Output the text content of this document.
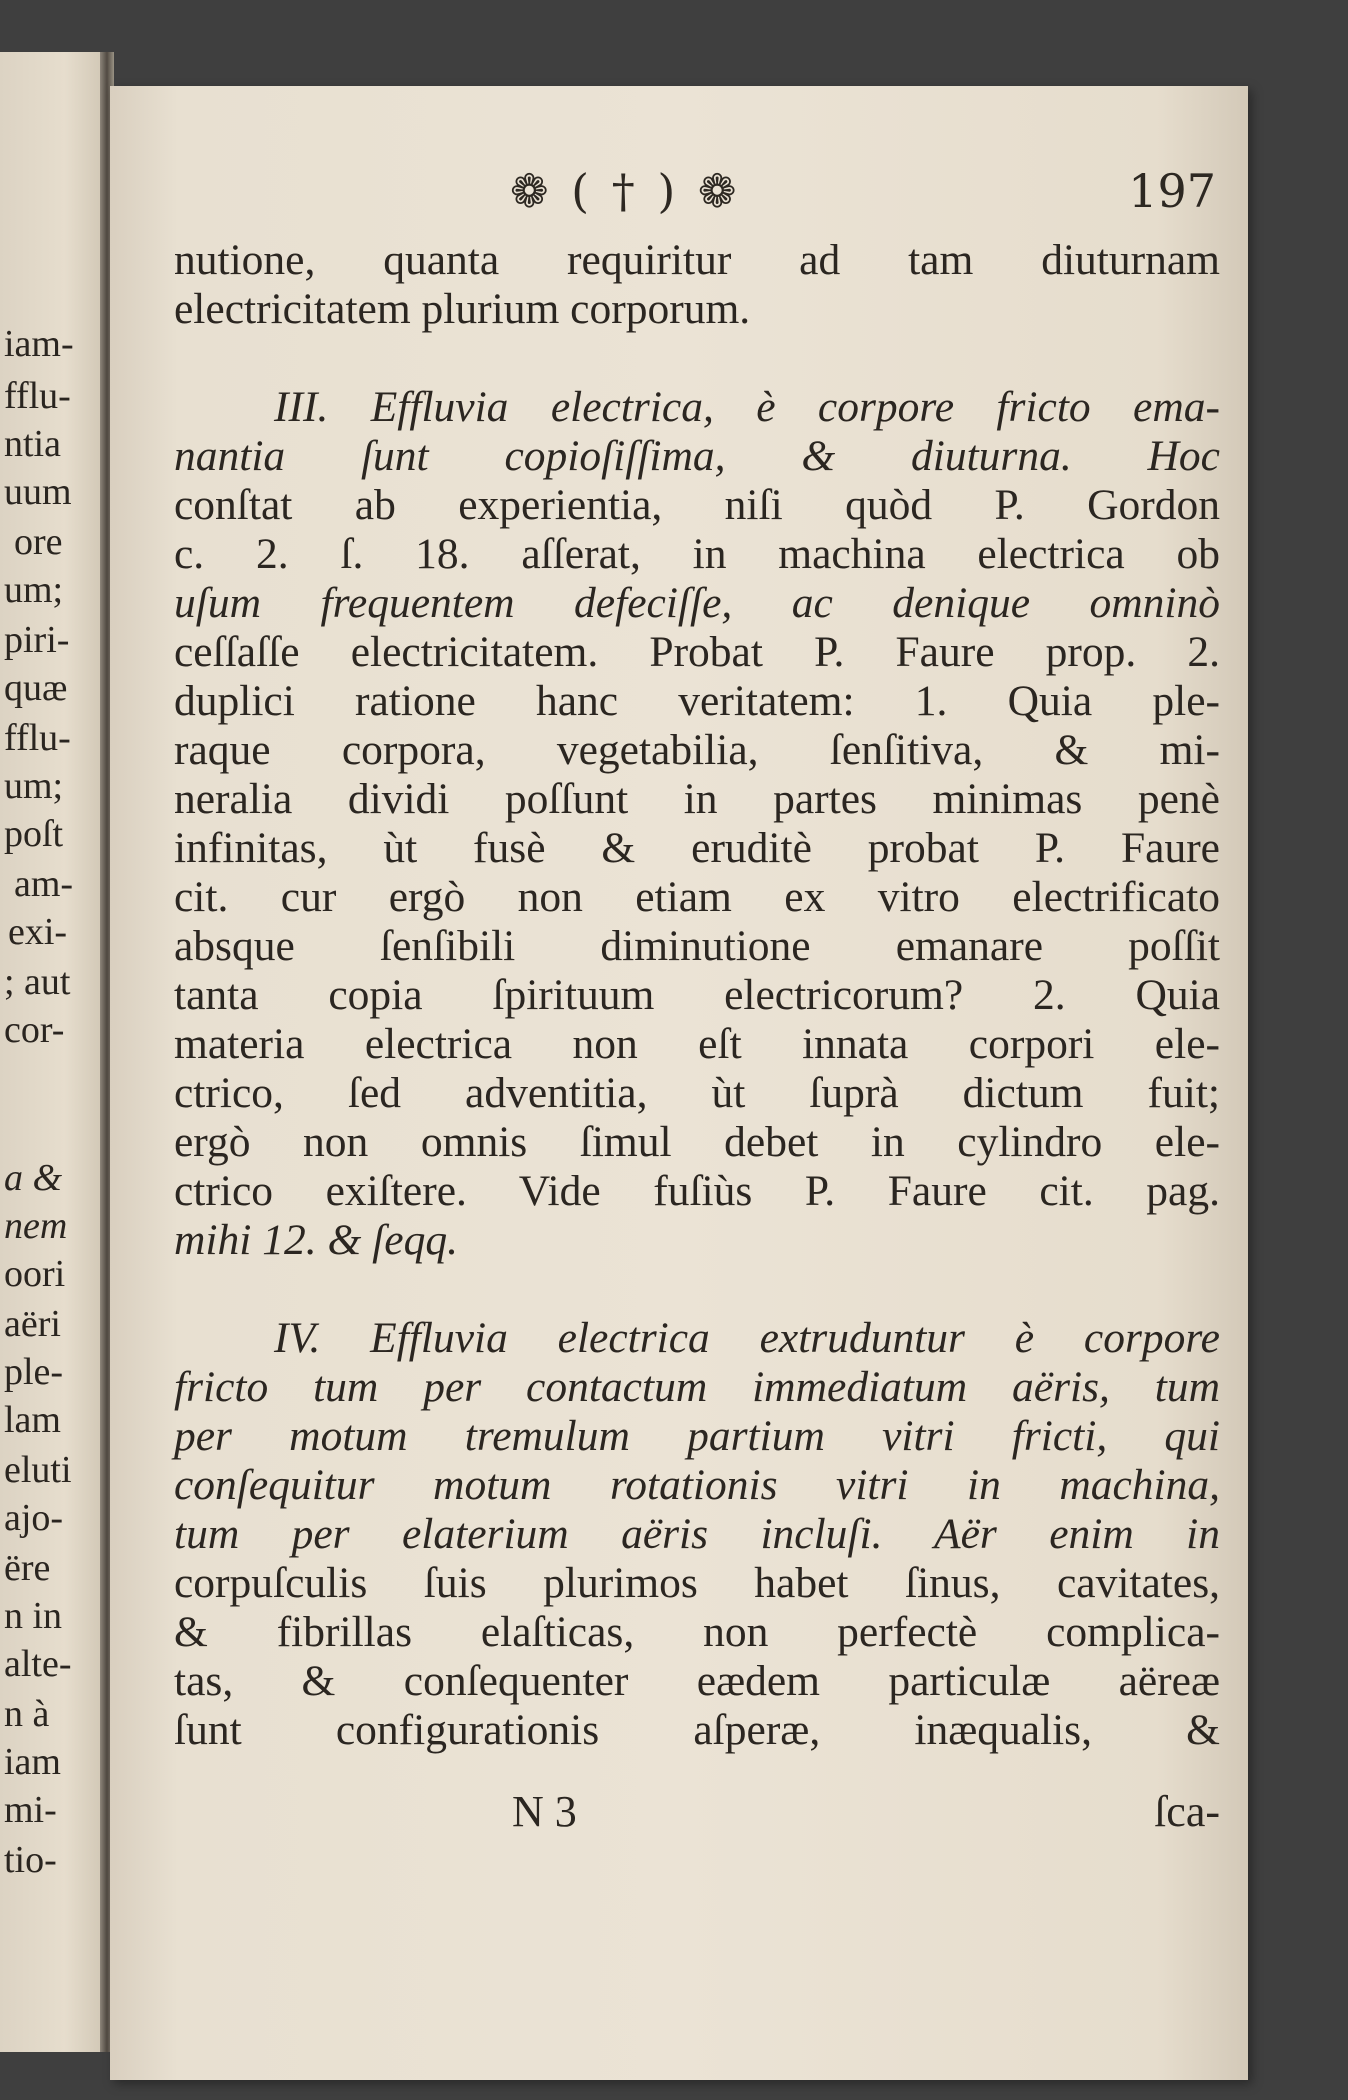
iam-
fflu-
ntia
uum
ore
um;
piri-
quæ
fflu-
um;
poſt
am-
exi-
; aut
cor-
a &
nem
oori
aëri
ple-
lam
eluti
ajo-
ëre
n in
alte-
n à
iam
mi-
tio-
❁ ( † ) ❁	197
nutione, quanta requiritur ad tam diuturnam
electricitatem plurium corporum.
III. Effluvia electrica, è corpore fricto ema-
nantia ſunt copioſiſſima, & diuturna. Hoc
conſtat ab experientia, niſi quòd P. Gordon
c. 2. ſ. 18. aſſerat, in machina electrica ob
uſum frequentem defeciſſe, ac denique omninò
ceſſaſſe electricitatem. Probat P. Faure prop. 2.
duplici ratione hanc veritatem: 1. Quia ple-
raque corpora, vegetabilia, ſenſitiva, & mi-
neralia dividi poſſunt in partes minimas penè
infinitas, ùt fusè & eruditè probat P. Faure
cit. cur ergò non etiam ex vitro electrificato
absque ſenſibili diminutione emanare poſſit
tanta copia ſpirituum electricorum? 2. Quia
materia electrica non eſt innata corpori ele-
ctrico, ſed adventitia, ùt ſuprà dictum fuit;
ergò non omnis ſimul debet in cylindro ele-
ctrico exiſtere. Vide fuſiùs P. Faure cit. pag.
mihi 12. & ſeqq.
IV. Effluvia electrica extruduntur è corpore
fricto tum per contactum immediatum aëris, tum
per motum tremulum partium vitri fricti, qui
conſequitur motum rotationis vitri in machina,
tum per elaterium aëris incluſi. Aër enim in
corpuſculis ſuis plurimos habet ſinus, cavitates,
& fibrillas elaſticas, non perfectè complica-
tas, & conſequenter eædem particulæ aëreæ
ſunt configurationis aſperæ, inæqualis, &
N 3	ſca-
